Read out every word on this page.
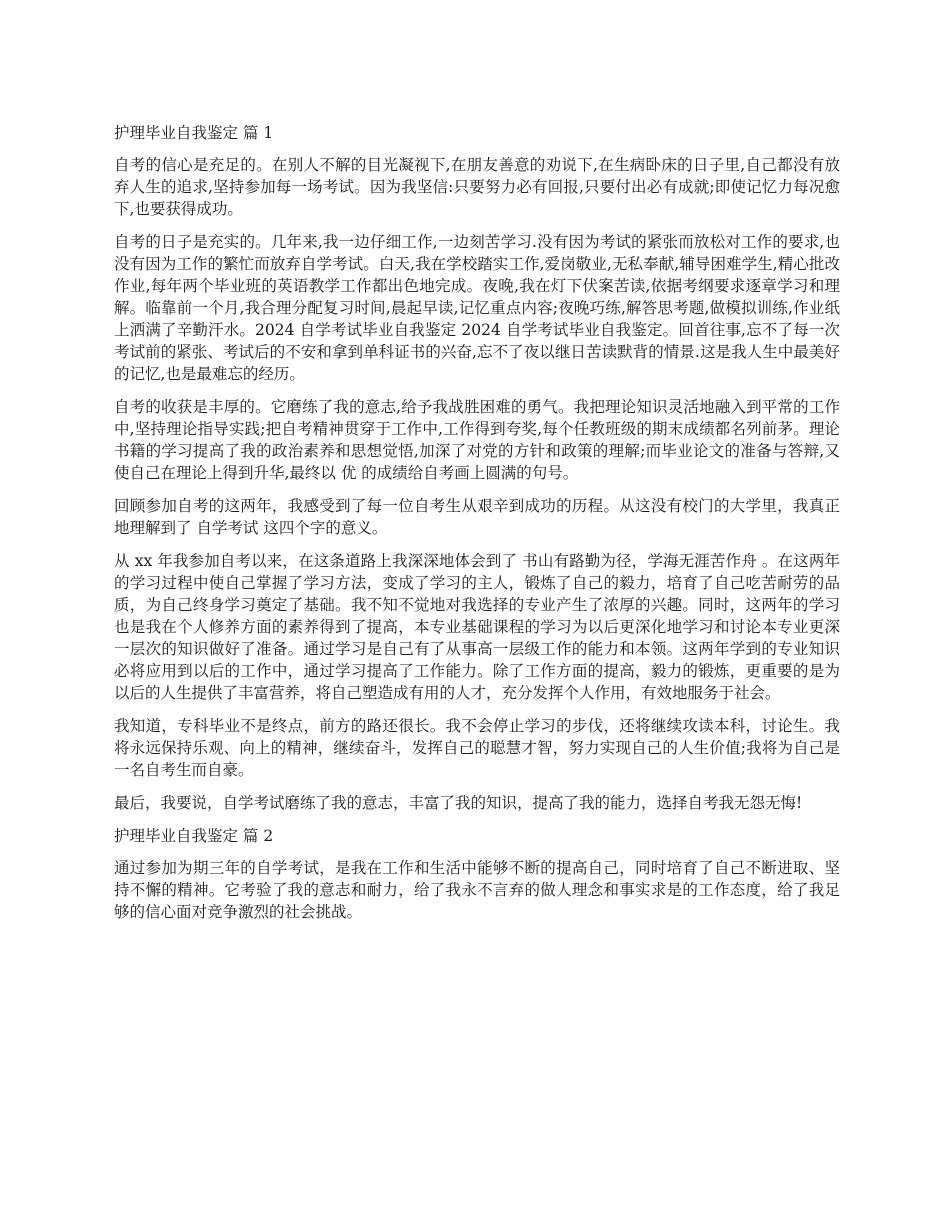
护理毕业自我鉴定 篇 1

自考的信心是充足的。在别人不解的目光凝视下,在朋友善意的劝说下,在生病卧床的日子里,自己都没有放弃人生的追求,坚持参加每一场考试。因为我坚信:只要努力必有回报,只要付出必有成就;即使记忆力每况愈下,也要获得成功。

自考的日子是充实的。几年来,我一边仔细工作,一边刻苦学习.没有因为考试的紧张而放松对工作的要求,也没有因为工作的繁忙而放弃自学考试。白天,我在学校踏实工作,爱岗敬业,无私奉献,辅导困难学生,精心批改作业,每年两个毕业班的英语教学工作都出色地完成。夜晚,我在灯下伏案苦读,依据考纲要求逐章学习和理解。临靠前一个月,我合理分配复习时间,晨起早读,记忆重点内容;夜晚巧练,解答思考题,做模拟训练,作业纸上洒满了辛勤汗水。2024 自学考试毕业自我鉴定 2024 自学考试毕业自我鉴定。回首往事,忘不了每一次考试前的紧张、考试后的不安和拿到单科证书的兴奋,忘不了夜以继日苦读默背的情景.这是我人生中最美好的记忆,也是最难忘的经历。

自考的收获是丰厚的。它磨练了我的意志,给予我战胜困难的勇气。我把理论知识灵活地融入到平常的工作中,坚持理论指导实践;把自考精神贯穿于工作中,工作得到夸奖,每个任教班级的期末成绩都名列前茅。理论书籍的学习提高了我的政治素养和思想觉悟,加深了对党的方针和政策的理解;而毕业论文的准备与答辩,又使自己在理论上得到升华,最终以 优 的成绩给自考画上圆满的句号。

回顾参加自考的这两年，我感受到了每一位自考生从艰辛到成功的历程。从这没有校门的大学里，我真正地理解到了 自学考试 这四个字的意义。

从 xx 年我参加自考以来，在这条道路上我深深地体会到了 书山有路勤为径，学海无涯苦作舟 。在这两年的学习过程中使自己掌握了学习方法，变成了学习的主人，锻炼了自己的毅力，培育了自己吃苦耐劳的品质，为自己终身学习奠定了基础。我不知不觉地对我选择的专业产生了浓厚的兴趣。同时，这两年的学习也是我在个人修养方面的素养得到了提高，本专业基础课程的学习为以后更深化地学习和讨论本专业更深一层次的知识做好了准备。通过学习是自己有了从事高一层级工作的能力和本领。这两年学到的专业知识必将应用到以后的工作中，通过学习提高了工作能力。除了工作方面的提高，毅力的锻炼，更重要的是为以后的人生提供了丰富营养，将自己塑造成有用的人才，充分发挥个人作用，有效地服务于社会。

我知道，专科毕业不是终点，前方的路还很长。我不会停止学习的步伐，还将继续攻读本科，讨论生。我将永远保持乐观、向上的精神，继续奋斗，发挥自己的聪慧才智，努力实现自己的人生价值;我将为自己是一名自考生而自豪。

最后，我要说，自学考试磨练了我的意志，丰富了我的知识，提高了我的能力，选择自考我无怨无悔!

护理毕业自我鉴定 篇 2

通过参加为期三年的自学考试，是我在工作和生活中能够不断的提高自己，同时培育了自己不断进取、坚持不懈的精神。它考验了我的意志和耐力，给了我永不言弃的做人理念和事实求是的工作态度，给了我足够的信心面对竞争激烈的社会挑战。
